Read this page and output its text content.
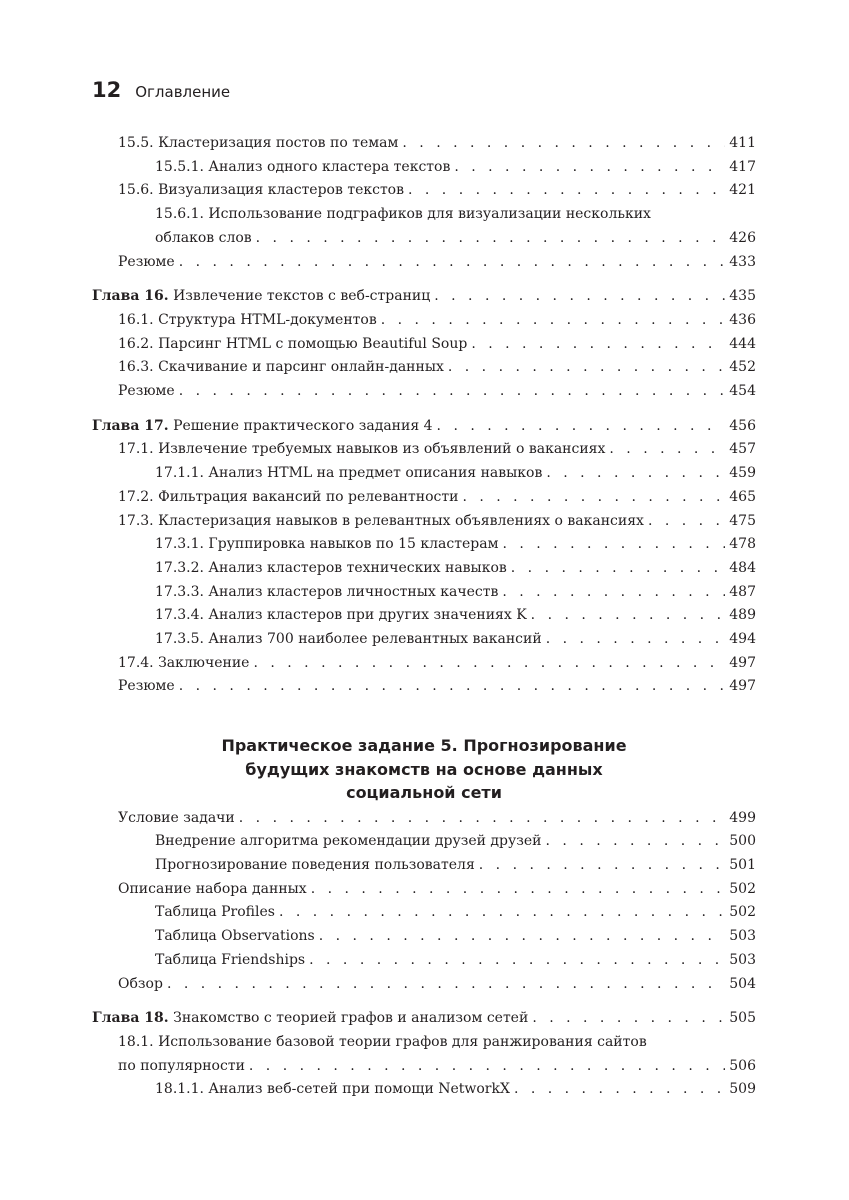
12 Оглавление
15.5. Кластеризация постов по темам . . .	411
15.5.1. Анализ одного кластера текстов . . .	417
15.6. Визуализация кластеров текстов . . .	421
15.6.1. Использование подграфиков для визуализации нескольких
облаков слов . . .	426
Резюме . . .	433
Глава 16. Извлечение текстов с веб-страниц . . .	435
16.1. Структура HTML-документов . . .	436
16.2. Парсинг HTML с помощью Beautiful Soup . . .	444
16.3. Скачивание и парсинг онлайн-данных . . .	452
Резюме . . .	454
Глава 17. Решение практического задания 4 . . .	456
17.1. Извлечение требуемых навыков из объявлений о вакансиях . . .	457
17.1.1. Анализ HTML на предмет описания навыков . . .	459
17.2. Фильтрация вакансий по релевантности . . .	465
17.3. Кластеризация навыков в релевантных объявлениях о вакансиях . . .	475
17.3.1. Группировка навыков по 15 кластерам . . .	478
17.3.2. Анализ кластеров технических навыков . . .	484
17.3.3. Анализ кластеров личностных качеств . . .	487
17.3.4. Анализ кластеров при других значениях K . . .	489
17.3.5. Анализ 700 наиболее релевантных вакансий . . .	494
17.4. Заключение . . .	497
Резюме . . .	497
Практическое задание 5. Прогнозирование
будущих знакомств на основе данных
социальной сети
Условие задачи . . .	499
Внедрение алгоритма рекомендации друзей друзей . . .	500
Прогнозирование поведения пользователя . . .	501
Описание набора данных . . .	502
Таблица Profiles . . .	502
Таблица Observations . . .	503
Таблица Friendships . . .	503
Обзор . . .	504
Глава 18. Знакомство с теорией графов и анализом сетей . . .	505
18.1. Использование базовой теории графов для ранжирования сайтов
по популярности . . .	506
18.1.1. Анализ веб-сетей при помощи NetworkX . . .	509
